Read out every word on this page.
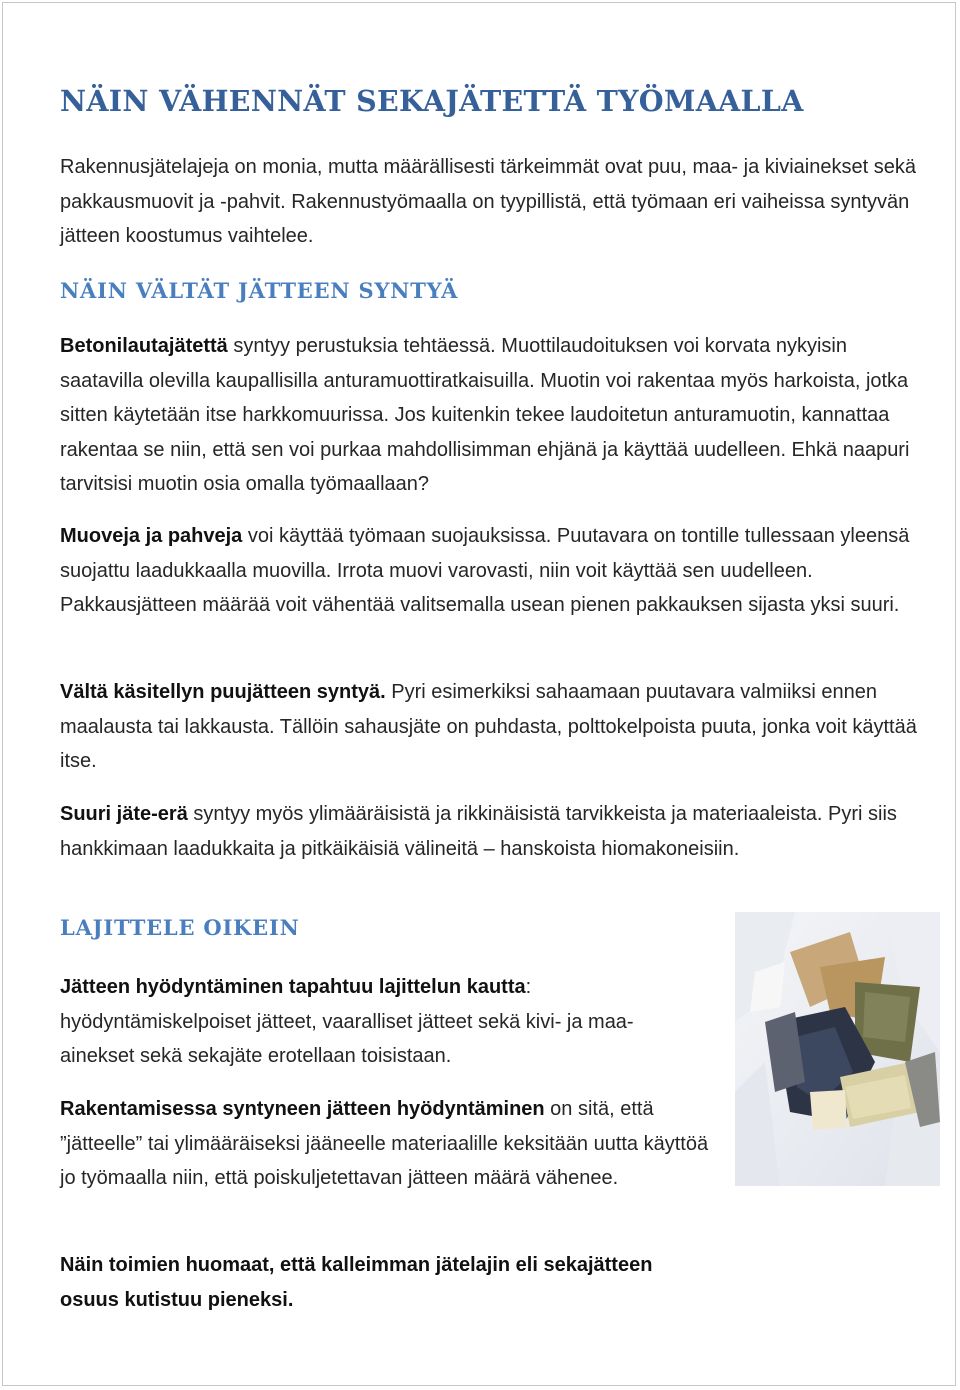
NÄIN VÄHENNÄT SEKAJÄTETTÄ TYÖMAALLA

Rakennusjätelajeja on monia, mutta määrällisesti tärkeimmät ovat puu, maa- ja kiviainekset sekä pakkausmuovit ja -pahvit. Rakennustyömaalla on tyypillistä, että työmaan eri vaiheissa syntyvän jätteen koostumus vaihtelee.

NÄIN VÄLTÄT JÄTTEEN SYNTYÄ

Betonilautajätettä syntyy perustuksia tehtäessä. Muottilaudoituksen voi korvata nykyisin saatavilla olevilla kaupallisilla anturamuottiratkaisuilla. Muotin voi rakentaa myös harkoista, jotka sitten käytetään itse harkkomuurissa. Jos kuitenkin tekee laudoitetun anturamuotin, kannattaa rakentaa se niin, että sen voi purkaa mahdollisimman ehjänä ja käyttää uudelleen. Ehkä naapuri tarvitsisi muotin osia omalla työmaallaan?

Muoveja ja pahveja voi käyttää työmaan suojauksissa. Puutavara on tontille tullessaan yleensä suojattu laadukkaalla muovilla. Irrota muovi varovasti, niin voit käyttää sen uudelleen. Pakkausjätteen määrää voit vähentää valitsemalla usean pienen pakkauksen sijasta yksi suuri.

Vältä käsitellyn puujätteen syntyä. Pyri esimerkiksi sahaamaan puutavara valmiiksi ennen maalausta tai lakkausta. Tällöin sahausjäte on puhdasta, polttokelpoista puuta, jonka voit käyttää itse.

Suuri jäte-erä syntyy myös ylimääräisistä ja rikkinäisistä tarvikkeista ja materiaaleista. Pyri siis hankkimaan laadukkaita ja pitkäikäisiä välineitä – hanskoista hiomakoneisiin.

LAJITTELE OIKEIN

Jätteen hyödyntäminen tapahtuu lajittelun kautta: hyödyntämiskelpoiset jätteet, vaaralliset jätteet sekä kivi- ja maa-ainekset sekä sekajäte erotellaan toisistaan.

Rakentamisessa syntyneen jätteen hyödyntäminen on sitä, että ”jätteelle” tai ylimääräiseksi jääneelle materiaalille keksitään uutta käyttöä jo työmaalla niin, että poiskuljetettavan jätteen määrä vähenee.

Näin toimien huomaat, että kalleimman jätelajin eli sekajätteen osuus kutistuu pieneksi.
